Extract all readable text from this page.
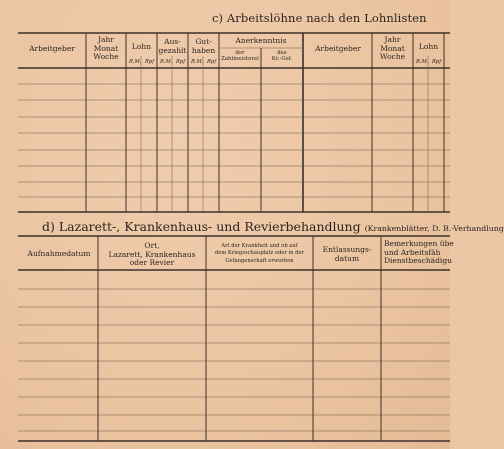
c) Arbeitslöhne nach den Lohnlisten
Arbeitgeber
Jahr
Monat
Woche
Lohn
Aus-
gezahlt
Gut-
haben
Anerkenntnis
der
Zahlmeisterei
des
Kr.-Gef.
Arbeitgeber
Jahr
Monat
Woche
Lohn
R.M. Rpf R.M. Rpf R.M. Rpf	R.M. Rpf
d) Lazarett-, Krankenhaus- und Revierbehandlung (Krankenblätter, D. B.-Verhandlung
Aufnahmedatum
Ort,
Lazarett, Krankenhaus
oder Revier
Art der Krankheit und ob auf
dem Kriegsschauplatz oder in der
Gefangenschaft erworben
Entlassungs-
datum
Bemerkungen übe
und Arbeitsfäh
Dienstbeschädigu
